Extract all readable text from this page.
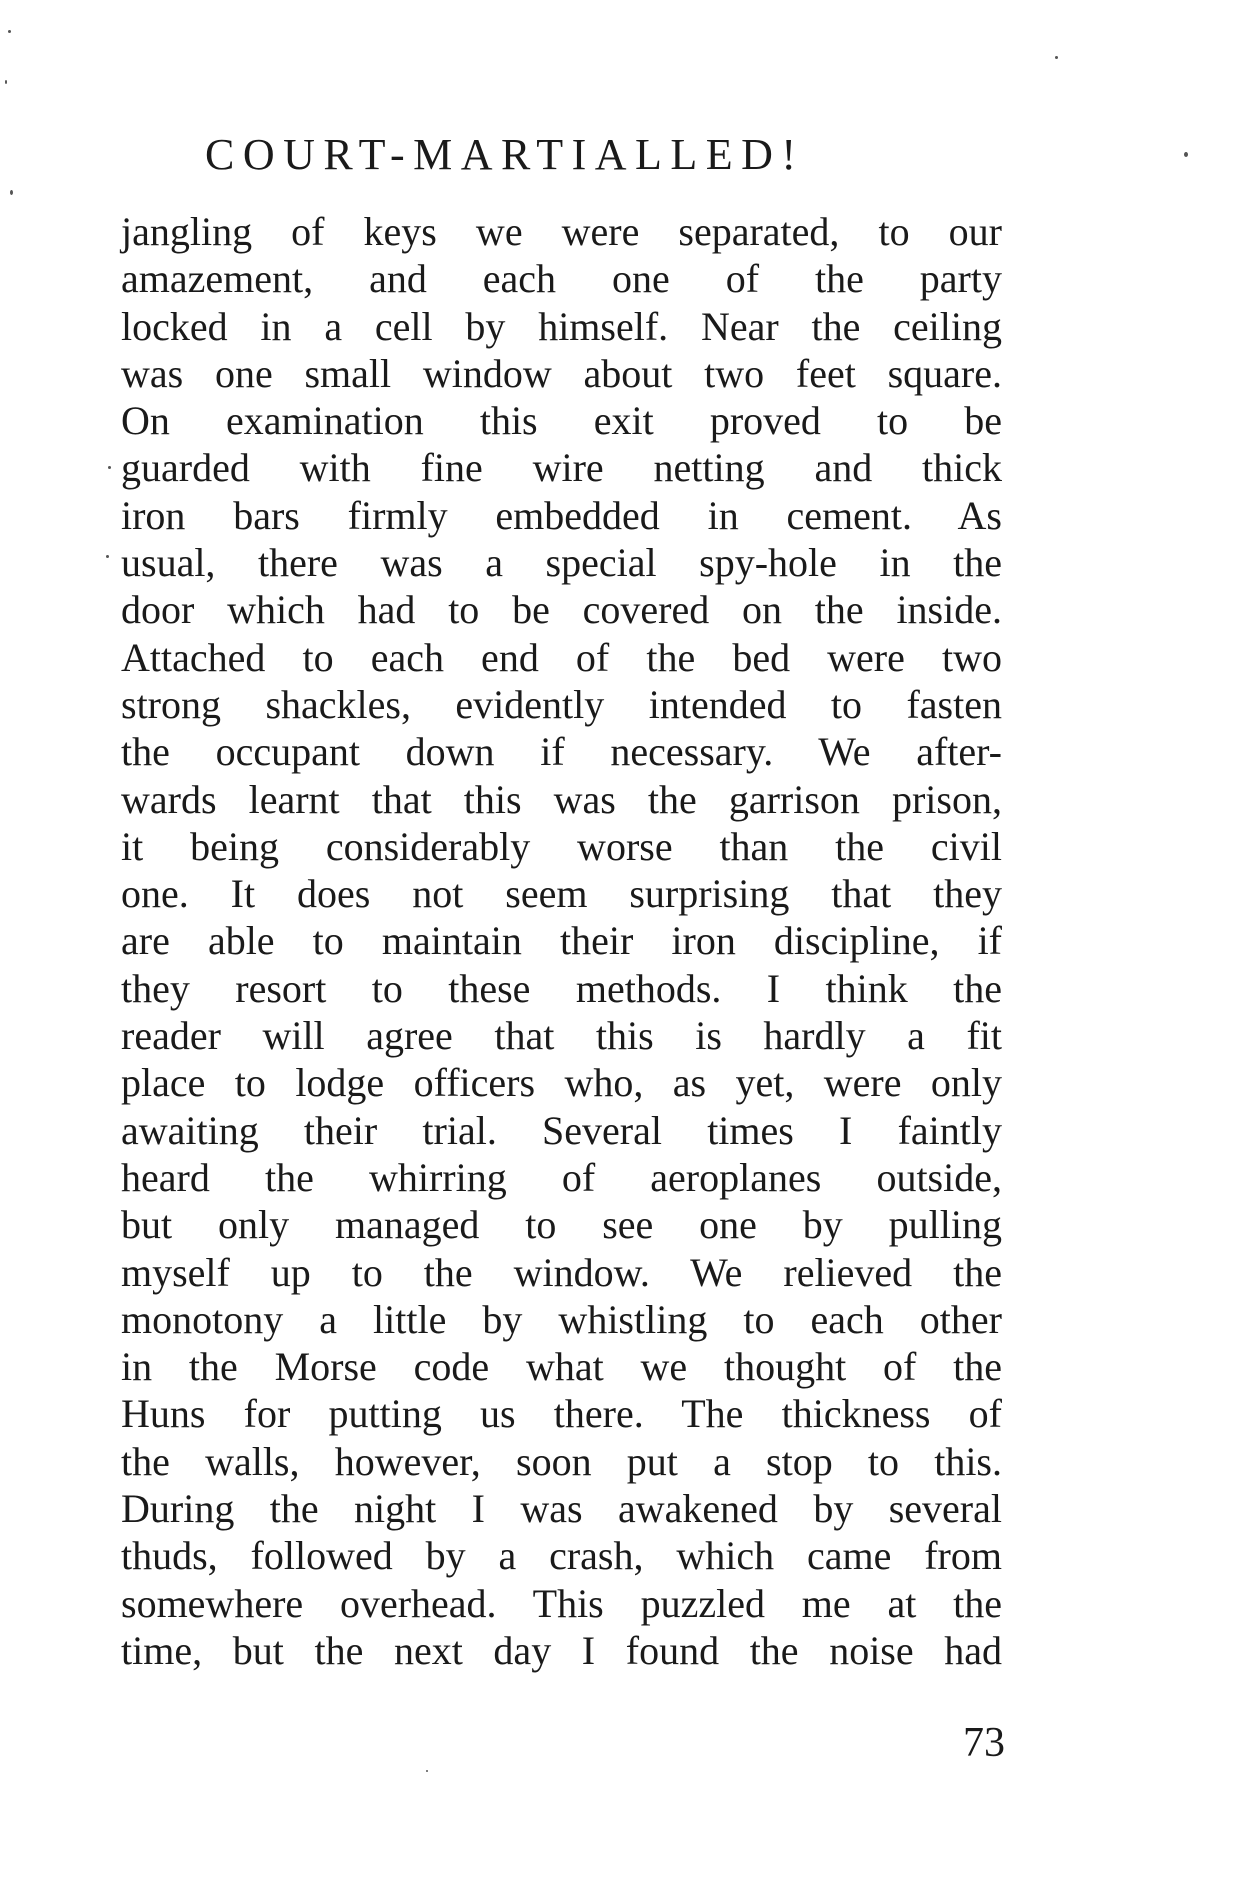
COURT-MARTIALLED!
jangling of keys we were separated, to our
amazement, and each one of the party
locked in a cell by himself. Near the ceiling
was one small window about two feet square.
On examination this exit proved to be
guarded with fine wire netting and thick
iron bars firmly embedded in cement. As
usual, there was a special spy-hole in the
door which had to be covered on the inside.
Attached to each end of the bed were two
strong shackles, evidently intended to fasten
the occupant down if necessary. We after-
wards learnt that this was the garrison prison,
it being considerably worse than the civil
one. It does not seem surprising that they
are able to maintain their iron discipline, if
they resort to these methods. I think the
reader will agree that this is hardly a fit
place to lodge officers who, as yet, were only
awaiting their trial. Several times I faintly
heard the whirring of aeroplanes outside,
but only managed to see one by pulling
myself up to the window. We relieved the
monotony a little by whistling to each other
in the Morse code what we thought of the
Huns for putting us there. The thickness of
the walls, however, soon put a stop to this.
During the night I was awakened by several
thuds, followed by a crash, which came from
somewhere overhead. This puzzled me at the
time, but the next day I found the noise had
73
